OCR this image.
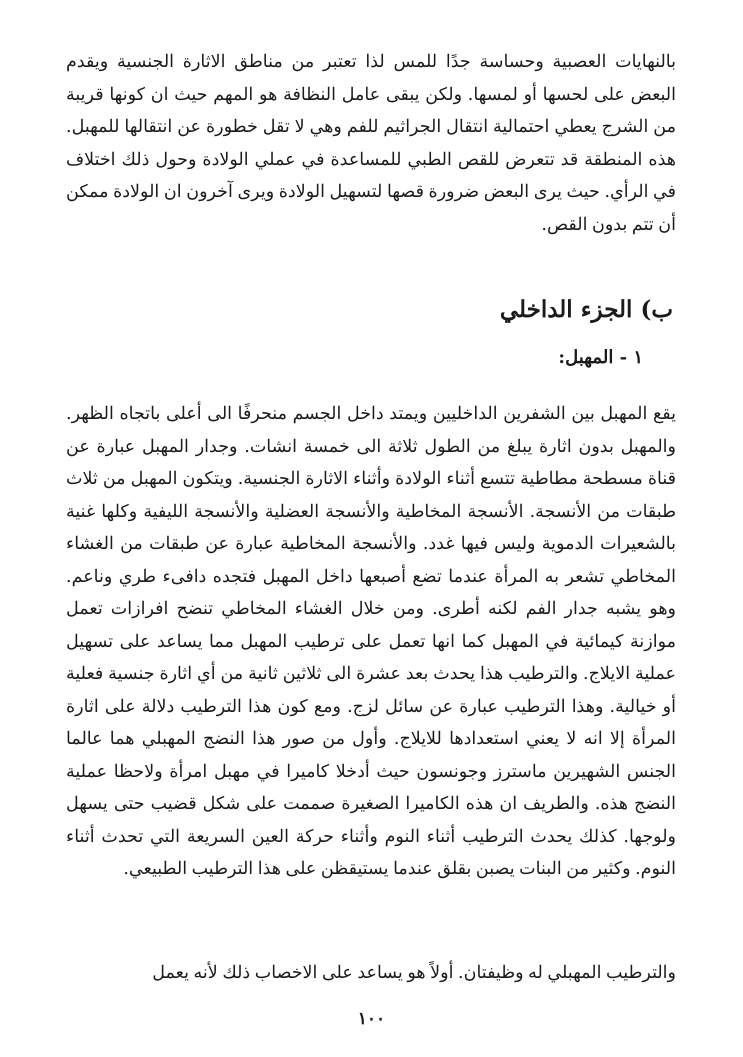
بالنهايات العصبية وحساسة جدًا للمس لذا تعتبر من مناطق الاثارة الجنسية ويقدم البعض على لحسها أو لمسها. ولكن يبقى عامل النظافة هو المهم حيث ان كونها قريبة من الشرج يعطي احتمالية انتقال الجراثيم للفم وهي لا تقل خطورة عن انتقالها للمهبل. هذه المنطقة قد تتعرض للقص الطبي للمساعدة في عملي الولادة وحول ذلك اختلاف في الرأي. حيث يرى البعض ضرورة قصها لتسهيل الولادة ويرى آخرون ان الولادة ممكن أن تتم بدون القص.

ب) الجزء الداخلي
١ - المهبل:

يقع المهبل بين الشفرين الداخليين ويمتد داخل الجسم منحرفًا الى أعلى باتجاه الظهر. والمهبل بدون اثارة يبلغ من الطول ثلاثة الى خمسة انشات. وجدار المهبل عبارة عن قناة مسطحة مطاطية تتسع أثناء الولادة وأثناء الاثارة الجنسية. ويتكون المهبل من ثلاث طبقات من الأنسجة. الأنسجة المخاطية والأنسجة العضلية والأنسجة الليفية وكلها غنية بالشعيرات الدموية وليس فيها غدد. والأنسجة المخاطية عبارة عن طبقات من الغشاء المخاطي تشعر به المرأة عندما تضع أصبعها داخل المهبل فتجده دافىء طري وناعم. وهو يشبه جدار الفم لكنه أطرى. ومن خلال الغشاء المخاطي تنضح افرازات تعمل موازنة كيمائية في المهبل كما انها تعمل على ترطيب المهبل مما يساعد على تسهيل عملية الايلاج. والترطيب هذا يحدث بعد عشرة الى ثلاثين ثانية من أي اثارة جنسية فعلية أو خيالية. وهذا الترطيب عبارة عن سائل لزج. ومع كون هذا الترطيب دلالة على اثارة المرأة إلا انه لا يعني استعدادها للايلاج. وأول من صور هذا النضج المهبلي هما عالما الجنس الشهيرين ماسترز وجونسون حيث أدخلا كاميرا في مهبل امرأة ولاحظا عملية النضج هذه. والطريف ان هذه الكاميرا الصغيرة صممت على شكل قضيب حتى يسهل ولوجها. كذلك يحدث الترطيب أثناء النوم وأثناء حركة العين السريعة التي تحدث أثناء النوم. وكثير من البنات يصبن بقلق عندما يستيقظن على هذا الترطيب الطبيعي.

والترطيب المهبلي له وظيفتان. أولاً هو يساعد على الاخصاب ذلك لأنه يعمل

١٠٠
